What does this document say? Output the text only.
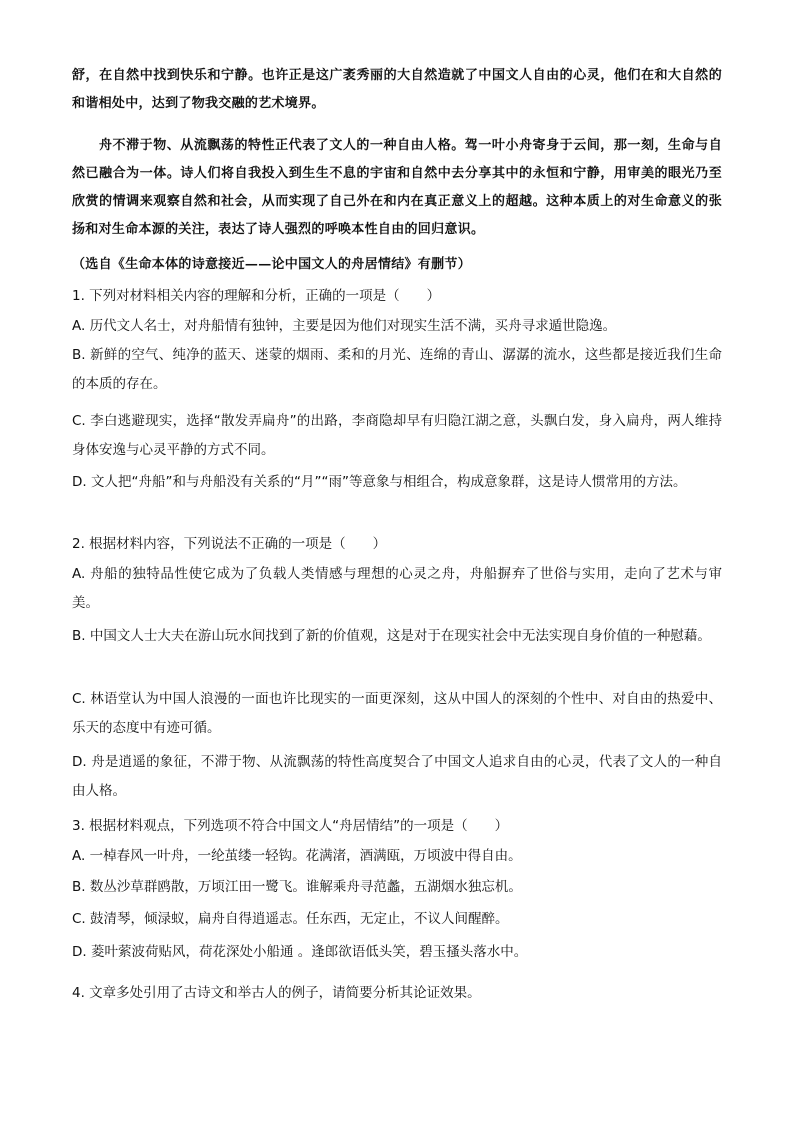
舒，在自然中找到快乐和宁静。也许正是这广袤秀丽的大自然造就了中国文人自由的心灵，他们在和大自然的和谐相处中，达到了物我交融的艺术境界。

舟不滞于物、从流飘荡的特性正代表了文人的一种自由人格。驾一叶小舟寄身于云间，那一刻，生命与自然已融合为一体。诗人们将自我投入到生生不息的宇宙和自然中去分享其中的永恒和宁静，用审美的眼光乃至欣赏的情调来观察自然和社会，从而实现了自己外在和内在真正意义上的超越。这种本质上的对生命意义的张扬和对生命本源的关注，表达了诗人强烈的呼唤本性自由的回归意识。

（选自《生命本体的诗意接近——论中国文人的舟居情结》有删节）

1. 下列对材料相关内容的理解和分析，正确的一项是（　　）

A. 历代文人名士，对舟船情有独钟，主要是因为他们对现实生活不满，买舟寻求遁世隐逸。

B. 新鲜的空气、纯净的蓝天、迷蒙的烟雨、柔和的月光、连绵的青山、潺潺的流水，这些都是接近我们生命的本质的存在。

C. 李白逃避现实，选择“散发弄扁舟”的出路，李商隐却早有归隐江湖之意，头飘白发，身入扁舟，两人维持身体安逸与心灵平静的方式不同。

D. 文人把“舟船”和与舟船没有关系的“月”“雨”等意象与相组合，构成意象群，这是诗人惯常用的方法。

2. 根据材料内容，下列说法不正确的一项是（　　）

A. 舟船的独特品性使它成为了负载人类情感与理想的心灵之舟，舟船摒弃了世俗与实用，走向了艺术与审美。

B. 中国文人士大夫在游山玩水间找到了新的价值观，这是对于在现实社会中无法实现自身价值的一种慰藉。

C. 林语堂认为中国人浪漫的一面也许比现实的一面更深刻，这从中国人的深刻的个性中、对自由的热爱中、乐天的态度中有迹可循。

D. 舟是逍遥的象征，不滞于物、从流飘荡的特性高度契合了中国文人追求自由的心灵，代表了文人的一种自由人格。

3. 根据材料观点，下列选项不符合中国文人“舟居情结”的一项是（　　）

A. 一棹春风一叶舟，一纶茧缕一轻钩。花满渚，酒满瓯，万顷波中得自由。

B. 数丛沙草群鸥散，万顷江田一鹭飞。谁解乘舟寻范蠡，五湖烟水独忘机。

C. 鼓清琴，倾渌蚁，扁舟自得逍遥志。任东西，无定止，不议人间醒醉。

D. 菱叶萦波荷贴风，荷花深处小船通 。逢郎欲语低头笑，碧玉搔头落水中。

4. 文章多处引用了古诗文和举古人的例子，请简要分析其论证效果。
